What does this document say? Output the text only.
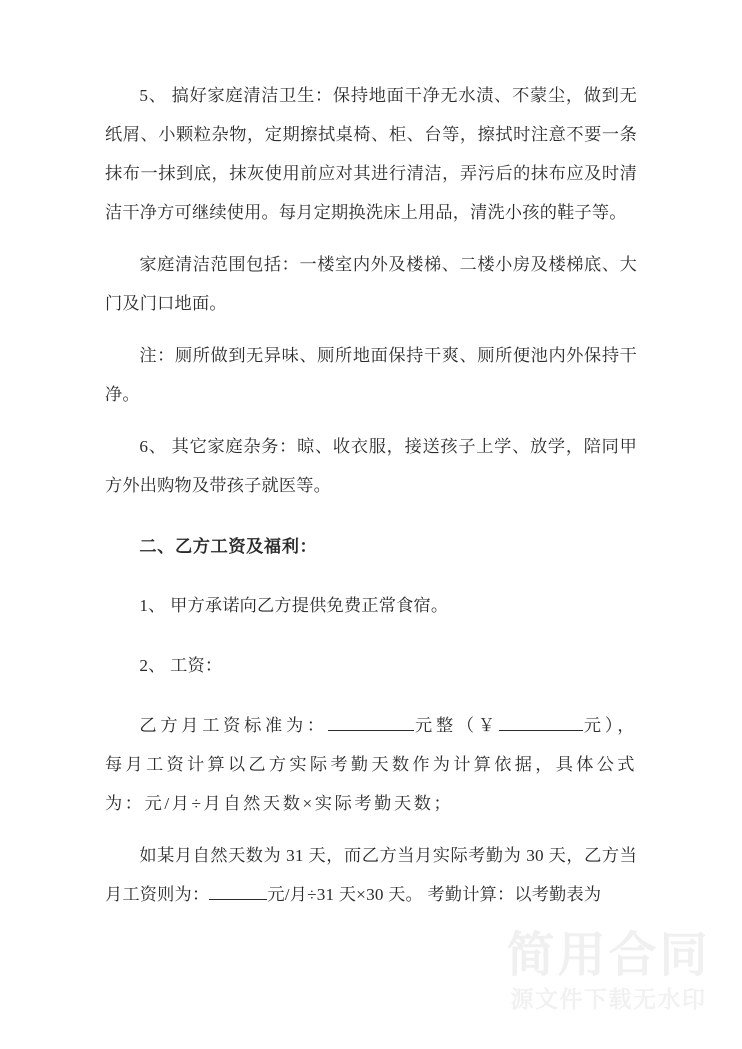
5、 搞好家庭清洁卫生：保持地面干净无水渍、不蒙尘，做到无纸屑、小颗粒杂物，定期擦拭桌椅、柜、台等，擦拭时注意不要一条抹布一抹到底，抹灰使用前应对其进行清洁，弄污后的抹布应及时清洁干净方可继续使用。每月定期换洗床上用品，清洗小孩的鞋子等。

家庭清洁范围包括：一楼室内外及楼梯、二楼小房及楼梯底、大门及门口地面。

注：厕所做到无异味、厕所地面保持干爽、厕所便池内外保持干净。

6、 其它家庭杂务：晾、收衣服，接送孩子上学、放学，陪同甲方外出购物及带孩子就医等。

二、乙方工资及福利：

1、 甲方承诺向乙方提供免费正常食宿。

2、 工资：

乙方月工资标准为：	元整（￥	元），每月工资计算以乙方实际考勤天数作为计算依据，具体公式为：元/月÷月自然天数×实际考勤天数；

如某月自然天数为 31 天，而乙方当月实际考勤为 30 天，乙方当月工资则为：	元/月÷31 天×30 天。 考勤计算：以考勤表为

简用合同
源文件下载无水印
